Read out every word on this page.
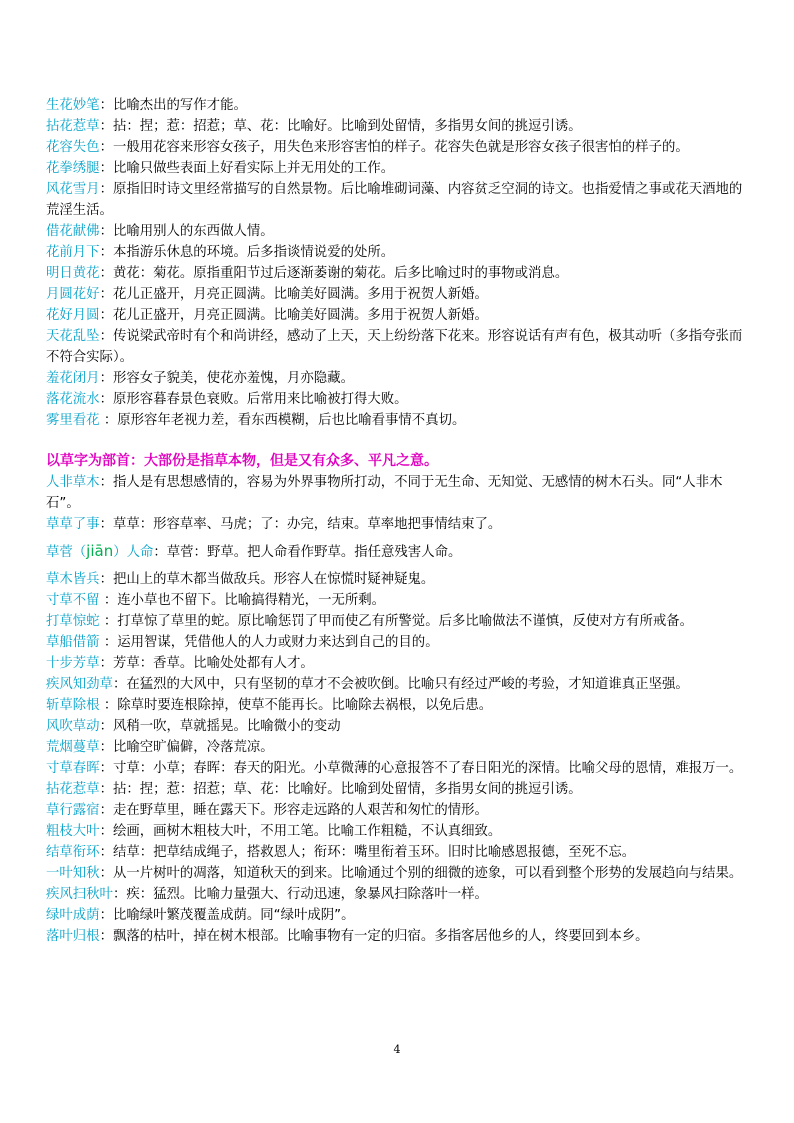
生花妙笔：比喻杰出的写作才能。

拈花惹草：拈：捏；惹：招惹；草、花：比喻好。比喻到处留情，多指男女间的挑逗引诱。

花容失色：一般用花容来形容女孩子，用失色来形容害怕的样子。花容失色就是形容女孩子很害怕的样子的。

花拳绣腿：比喻只做些表面上好看实际上并无用处的工作。

风花雪月：原指旧时诗文里经常描写的自然景物。后比喻堆砌词藻、内容贫乏空洞的诗文。也指爱情之事或花天酒地的荒淫生活。

借花献佛：比喻用别人的东西做人情。

花前月下：本指游乐休息的环境。后多指谈情说爱的处所。

明日黄花：黄花：菊花。原指重阳节过后逐渐萎谢的菊花。后多比喻过时的事物或消息。

月圆花好：花儿正盛开，月亮正圆满。比喻美好圆满。多用于祝贺人新婚。

花好月圆：花儿正盛开，月亮正圆满。比喻美好圆满。多用于祝贺人新婚。

天花乱坠：传说梁武帝时有个和尚讲经，感动了上天，天上纷纷落下花来。形容说话有声有色，极其动听（多指夸张而不符合实际）。

羞花闭月：形容女子貌美，使花亦羞愧，月亦隐藏。

落花流水：原形容暮春景色衰败。后常用来比喻被打得大败。

雾里看花 ：原形容年老视力差，看东西模糊，后也比喻看事情不真切。

以草字为部首：大部份是指草本物，但是又有众多、平凡之意。

人非草木：指人是有思想感情的，容易为外界事物所打动，不同于无生命、无知觉、无感情的树木石头。同“人非木石”。

草草了事：草草：形容草率、马虎；了：办完，结束。草率地把事情结束了。

草菅（jiān）人命：草菅：野草。把人命看作野草。指任意残害人命。

草木皆兵：把山上的草木都当做敌兵。形容人在惊慌时疑神疑鬼。

寸草不留 ：连小草也不留下。比喻搞得精光，一无所剩。

打草惊蛇 ：打草惊了草里的蛇。原比喻惩罚了甲而使乙有所警觉。后多比喻做法不谨慎，反使对方有所戒备。

草船借箭 ：运用智谋，凭借他人的人力或财力来达到自己的目的。

十步芳草：芳草：香草。比喻处处都有人才。

疾风知劲草：在猛烈的大风中，只有坚韧的草才不会被吹倒。比喻只有经过严峻的考验，才知道谁真正坚强。

斩草除根 ：除草时要连根除掉，使草不能再长。比喻除去祸根，以免后患。

风吹草动：风稍一吹，草就摇晃。比喻微小的变动

荒烟蔓草：比喻空旷偏僻，冷落荒凉。

寸草春晖：寸草：小草；春晖：春天的阳光。小草微薄的心意报答不了春日阳光的深情。比喻父母的恩情，难报万一。

拈花惹草：拈：捏；惹：招惹；草、花：比喻好。比喻到处留情，多指男女间的挑逗引诱。

草行露宿：走在野草里，睡在露天下。形容走远路的人艰苦和匆忙的情形。

粗枝大叶：绘画，画树木粗枝大叶，不用工笔。比喻工作粗糙，不认真细致。

结草衔环：结草：把草结成绳子，搭救恩人；衔环：嘴里衔着玉环。旧时比喻感恩报德，至死不忘。

一叶知秋：从一片树叶的凋落，知道秋天的到来。比喻通过个别的细微的迹象，可以看到整个形势的发展趋向与结果。

疾风扫秋叶：疾：猛烈。比喻力量强大、行动迅速，象暴风扫除落叶一样。

绿叶成荫：比喻绿叶繁茂覆盖成荫。同“绿叶成阴”。

落叶归根：飘落的枯叶，掉在树木根部。比喻事物有一定的归宿。多指客居他乡的人，终要回到本乡。

4
